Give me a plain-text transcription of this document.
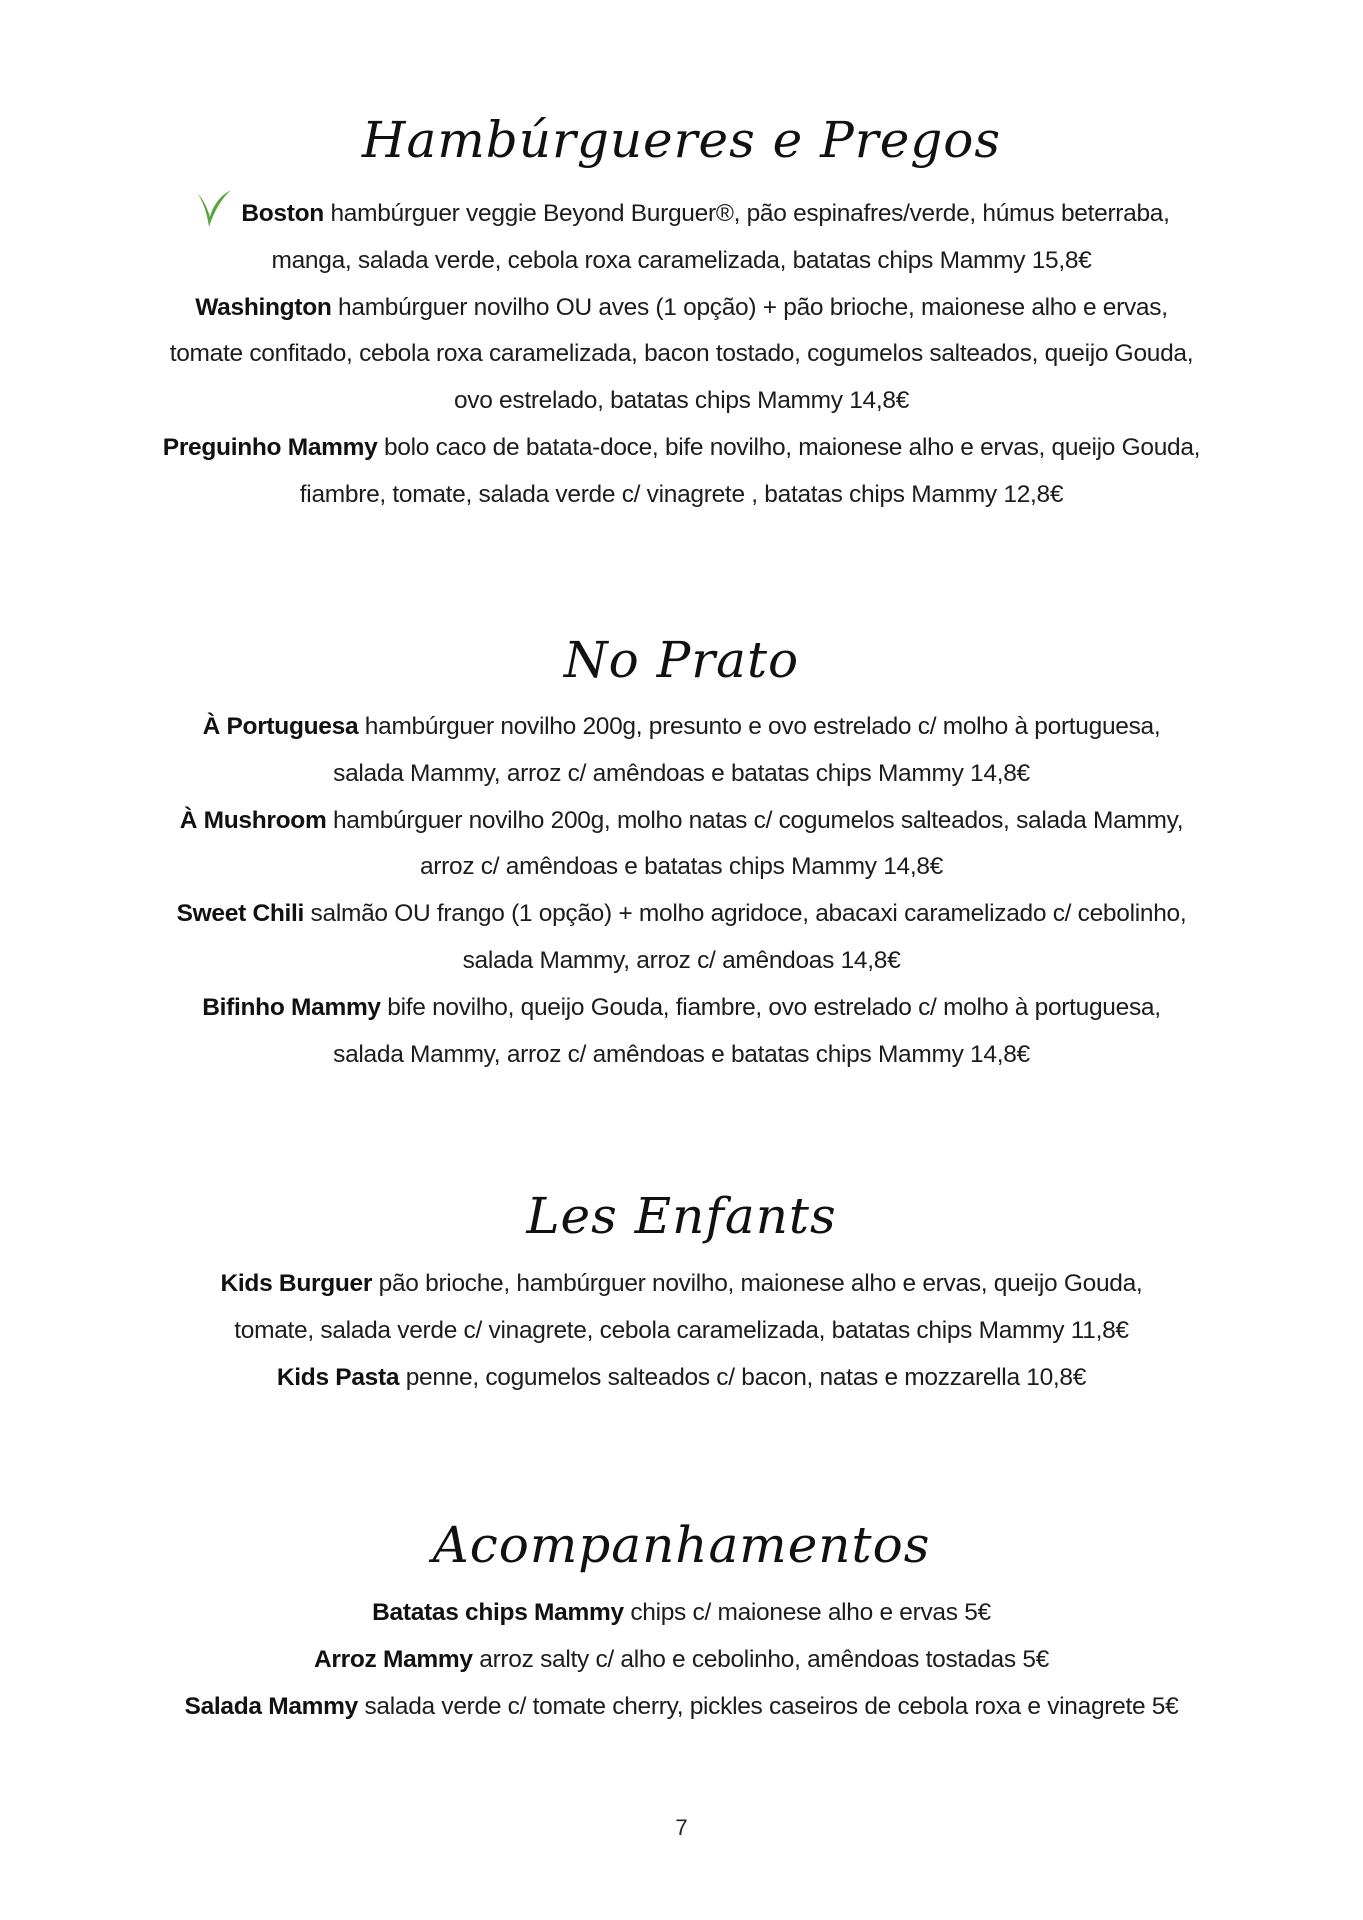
Hambúrgueres e Pregos

Boston hambúrguer veggie Beyond Burguer®, pão espinafres/verde, húmus beterraba,
manga, salada verde, cebola roxa caramelizada, batatas chips Mammy 15,8€

Washington hambúrguer novilho OU aves (1 opção) + pão brioche, maionese alho e ervas,
tomate confitado, cebola roxa caramelizada, bacon tostado, cogumelos salteados, queijo Gouda,
ovo estrelado, batatas chips Mammy 14,8€

Preguinho Mammy bolo caco de batata-doce, bife novilho, maionese alho e ervas, queijo Gouda,
fiambre, tomate, salada verde c/ vinagrete , batatas chips Mammy 12,8€

No Prato

À Portuguesa hambúrguer novilho 200g, presunto e ovo estrelado c/ molho à portuguesa,
salada Mammy, arroz c/ amêndoas e batatas chips Mammy 14,8€

À Mushroom hambúrguer novilho 200g, molho natas c/ cogumelos salteados, salada Mammy,
arroz c/ amêndoas e batatas chips Mammy 14,8€

Sweet Chili salmão OU frango (1 opção) + molho agridoce, abacaxi caramelizado c/ cebolinho,
salada Mammy, arroz c/ amêndoas 14,8€

Bifinho Mammy bife novilho, queijo Gouda, fiambre, ovo estrelado c/ molho à portuguesa,
salada Mammy, arroz c/ amêndoas e batatas chips Mammy 14,8€

Les Enfants

Kids Burguer pão brioche, hambúrguer novilho, maionese alho e ervas, queijo Gouda,
tomate, salada verde c/ vinagrete, cebola caramelizada, batatas chips Mammy 11,8€

Kids Pasta penne, cogumelos salteados c/ bacon, natas e mozzarella 10,8€

Acompanhamentos

Batatas chips Mammy chips c/ maionese alho e ervas 5€

Arroz Mammy arroz salty c/ alho e cebolinho, amêndoas tostadas 5€

Salada Mammy salada verde c/ tomate cherry, pickles caseiros de cebola roxa e vinagrete 5€

7
